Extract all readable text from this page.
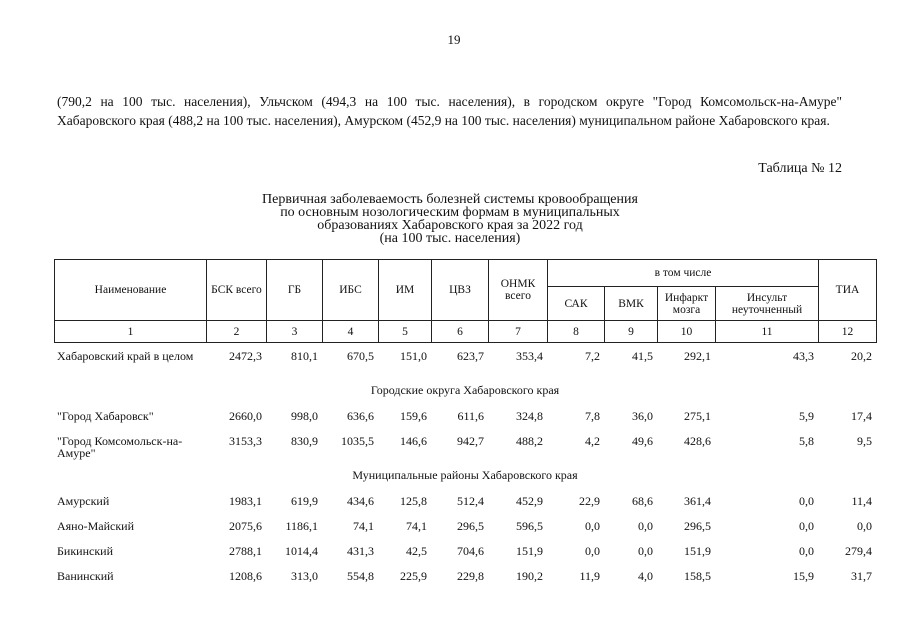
19
(790,2 на 100 тыс. населения), Ульчском (494,3 на 100 тыс. населения), в городском округе "Город Комсомольск-на-Амуре" Хабаровского края (488,2 на 100 тыс. населения), Амурском (452,9 на 100 тыс. населения) муниципальном районе Хабаровского края.
Таблица № 12
Первичная заболеваемость болезней системы кровообращения
по основным нозологическим формам в муниципальных
образованиях Хабаровского края за 2022 год
(на 100 тыс. населения)
Наименование	БСК всего	ГБ	ИБС	ИМ	ЦВЗ	ОНМК всего	в том числе				ТИА
							САК	ВМК	Инфаркт мозга	Инсульт неуточненный	
1	2	3	4	5	6	7	8	9	10	11	12
Хабаровский край в целом	2472,3	810,1	670,5	151,0	623,7	353,4	7,2	41,5	292,1	43,3	20,2
Городские округа Хабаровского края											
"Город Хабаровск"	2660,0	998,0	636,6	159,6	611,6	324,8	7,8	36,0	275,1	5,9	17,4
"Город Комсомольск-на-Амуре"	3153,3	830,9	1035,5	146,6	942,7	488,2	4,2	49,6	428,6	5,8	9,5
Муниципальные районы Хабаровского края											
Амурский	1983,1	619,9	434,6	125,8	512,4	452,9	22,9	68,6	361,4	0,0	11,4
Аяно-Майский	2075,6	1186,1	74,1	74,1	296,5	596,5	0,0	0,0	296,5	0,0	0,0
Бикинский	2788,1	1014,4	431,3	42,5	704,6	151,9	0,0	0,0	151,9	0,0	279,4
Ванинский	1208,6	313,0	554,8	225,9	229,8	190,2	11,9	4,0	158,5	15,9	31,7
